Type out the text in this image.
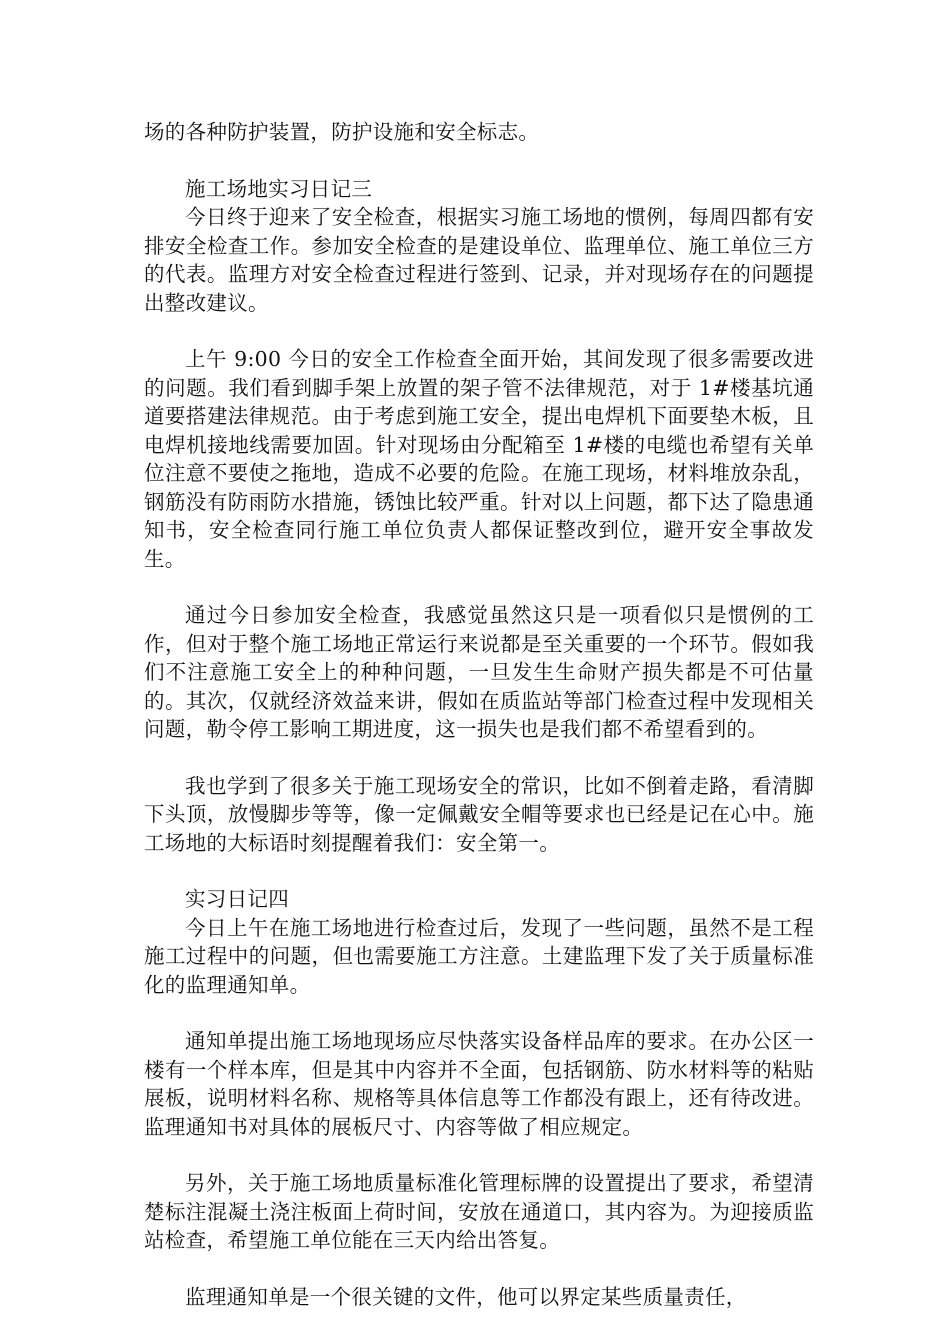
场的各种防护装置，防护设施和安全标志。

施工场地实习日记三

今日终于迎来了安全检查，根据实习施工场地的惯例，每周四都有安排安全检查工作。参加安全检查的是建设单位、监理单位、施工单位三方的代表。监理方对安全检查过程进行签到、记录，并对现场存在的问题提出整改建议。

上午 9:00 今日的安全工作检查全面开始，其间发现了很多需要改进的问题。我们看到脚手架上放置的架子管不法律规范，对于 1#楼基坑通道要搭建法律规范。由于考虑到施工安全，提出电焊机下面要垫木板，且电焊机接地线需要加固。针对现场由分配箱至 1#楼的电缆也希望有关单位注意不要使之拖地，造成不必要的危险。在施工现场，材料堆放杂乱，钢筋没有防雨防水措施，锈蚀比较严重。针对以上问题，都下达了隐患通知书，安全检查同行施工单位负责人都保证整改到位，避开安全事故发生。

通过今日参加安全检查，我感觉虽然这只是一项看似只是惯例的工作，但对于整个施工场地正常运行来说都是至关重要的一个环节。假如我们不注意施工安全上的种种问题，一旦发生生命财产损失都是不可估量的。其次，仅就经济效益来讲，假如在质监站等部门检查过程中发现相关问题，勒令停工影响工期进度，这一损失也是我们都不希望看到的。

我也学到了很多关于施工现场安全的常识，比如不倒着走路，看清脚下头顶，放慢脚步等等，像一定佩戴安全帽等要求也已经是记在心中。施工场地的大标语时刻提醒着我们：安全第一。

实习日记四

今日上午在施工场地进行检查过后，发现了一些问题，虽然不是工程施工过程中的问题，但也需要施工方注意。土建监理下发了关于质量标准化的监理通知单。

通知单提出施工场地现场应尽快落实设备样品库的要求。在办公区一楼有一个样本库，但是其中内容并不全面，包括钢筋、防水材料等的粘贴展板，说明材料名称、规格等具体信息等工作都没有跟上，还有待改进。监理通知书对具体的展板尺寸、内容等做了相应规定。

另外，关于施工场地质量标准化管理标牌的设置提出了要求，希望清楚标注混凝土浇注板面上荷时间，安放在通道口，其内容为。为迎接质监站检查，希望施工单位能在三天内给出答复。

监理通知单是一个很关键的文件，他可以界定某些质量责任，
